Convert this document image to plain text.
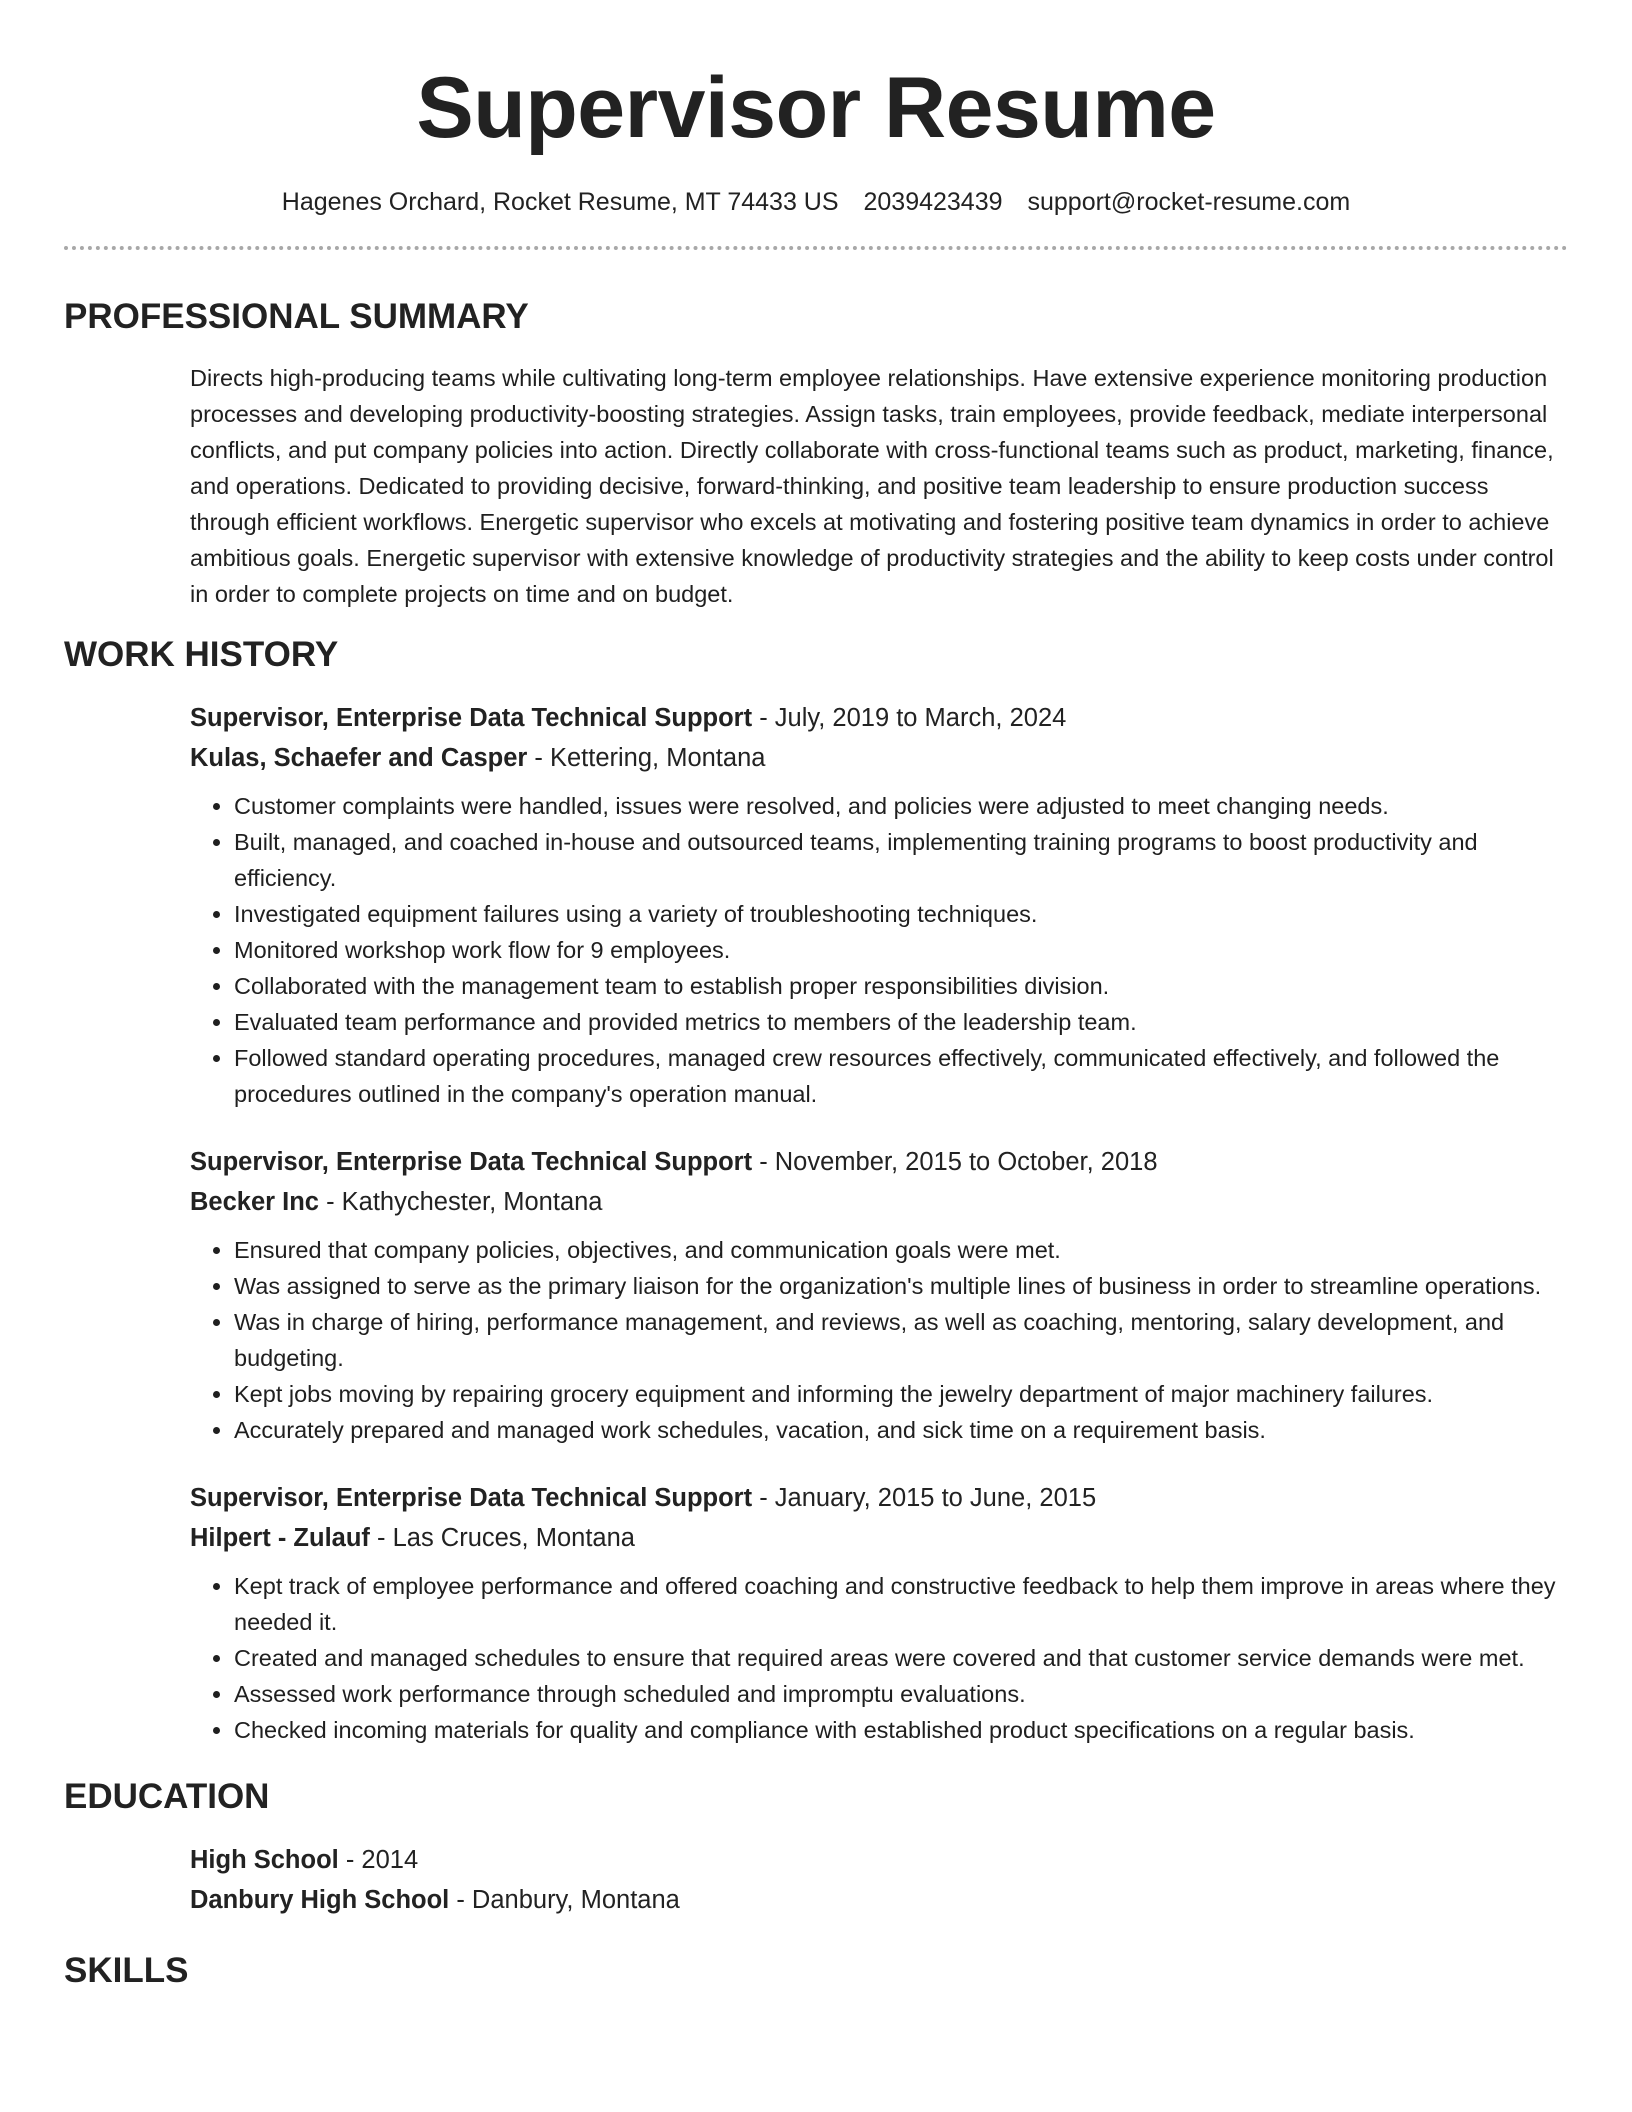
Supervisor Resume
Hagenes Orchard, Rocket Resume, MT 74433 US 2039423439 support@rocket-resume.com
PROFESSIONAL SUMMARY
Directs high-producing teams while cultivating long-term employee relationships. Have extensive experience monitoring production processes and developing productivity-boosting strategies. Assign tasks, train employees, provide feedback, mediate interpersonal conflicts, and put company policies into action. Directly collaborate with cross-functional teams such as product, marketing, finance, and operations. Dedicated to providing decisive, forward-thinking, and positive team leadership to ensure production success through efficient workflows. Energetic supervisor who excels at motivating and fostering positive team dynamics in order to achieve ambitious goals. Energetic supervisor with extensive knowledge of productivity strategies and the ability to keep costs under control in order to complete projects on time and on budget.
WORK HISTORY
Supervisor, Enterprise Data Technical Support - July, 2019 to March, 2024
Kulas, Schaefer and Casper - Kettering, Montana
• Customer complaints were handled, issues were resolved, and policies were adjusted to meet changing needs.
• Built, managed, and coached in-house and outsourced teams, implementing training programs to boost productivity and efficiency.
• Investigated equipment failures using a variety of troubleshooting techniques.
• Monitored workshop work flow for 9 employees.
• Collaborated with the management team to establish proper responsibilities division.
• Evaluated team performance and provided metrics to members of the leadership team.
• Followed standard operating procedures, managed crew resources effectively, communicated effectively, and followed the procedures outlined in the company's operation manual.
Supervisor, Enterprise Data Technical Support - November, 2015 to October, 2018
Becker Inc - Kathychester, Montana
• Ensured that company policies, objectives, and communication goals were met.
• Was assigned to serve as the primary liaison for the organization's multiple lines of business in order to streamline operations.
• Was in charge of hiring, performance management, and reviews, as well as coaching, mentoring, salary development, and budgeting.
• Kept jobs moving by repairing grocery equipment and informing the jewelry department of major machinery failures.
• Accurately prepared and managed work schedules, vacation, and sick time on a requirement basis.
Supervisor, Enterprise Data Technical Support - January, 2015 to June, 2015
Hilpert - Zulauf - Las Cruces, Montana
• Kept track of employee performance and offered coaching and constructive feedback to help them improve in areas where they needed it.
• Created and managed schedules to ensure that required areas were covered and that customer service demands were met.
• Assessed work performance through scheduled and impromptu evaluations.
• Checked incoming materials for quality and compliance with established product specifications on a regular basis.
EDUCATION
High School - 2014
Danbury High School - Danbury, Montana
SKILLS
